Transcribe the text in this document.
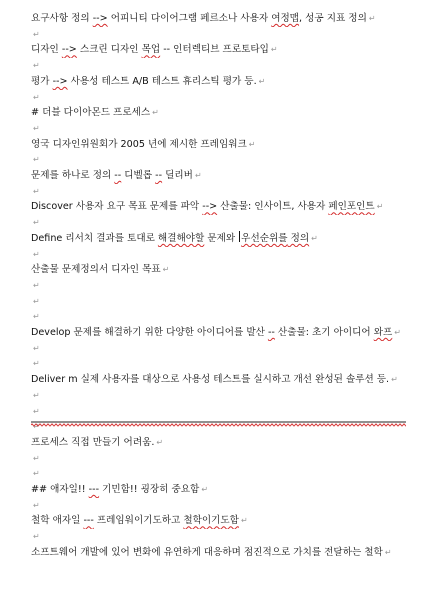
요구사항 정의 --> 어피니티 다이어그램 페르소나 사용자 여정맵, 성공 지표 정의 ↵
↵
디자인 --> 스크린 디자인 목업 -- 인터렉티브 프로토타입 ↵
↵
평가 --> 사용성 테스트 A/B 테스트 휴리스틱 평가 등. ↵
↵
# 더블 다이아몬드 프로세스 ↵
↵
영국 디자인위원회가 2005 년에 제시한 프레임워크 ↵
↵
문제를 하나로 정의 -- 디벨롭 -- 딜리버 ↵
↵
Discover 사용자 요구 목표 문제를 파악 --> 산출물: 인사이트, 사용자 페인포인트 ↵
↵
Define 리서치 결과를 토대로 해결해야할 문제와 우선순위를 정의 ↵
↵
산출물 문제정의서 디자인 목표 ↵
↵
↵
↵
Develop 문제를 해결하기 위한 다양한 아이디어를 발산 -- 산출물: 초기 아이디어 와프 ↵
↵
↵
Deliver m 실제 사용자를 대상으로 사용성 테스트를 실시하고 개선 완성된 솔루션 등. ↵
↵
↵
↵
프로세스 직접 만들기 어려움. ↵
↵
↵
## 애자일!! --- 기민함!! 굉장히 중요함 ↵
↵
철학 애자일 --- 프레임워이기도하고 철학이기도함 ↵
↵
소프트웨어 개발에 있어 변화에 유연하게 대응하며 점진적으로 가치를 전달하는 철학 ↵
